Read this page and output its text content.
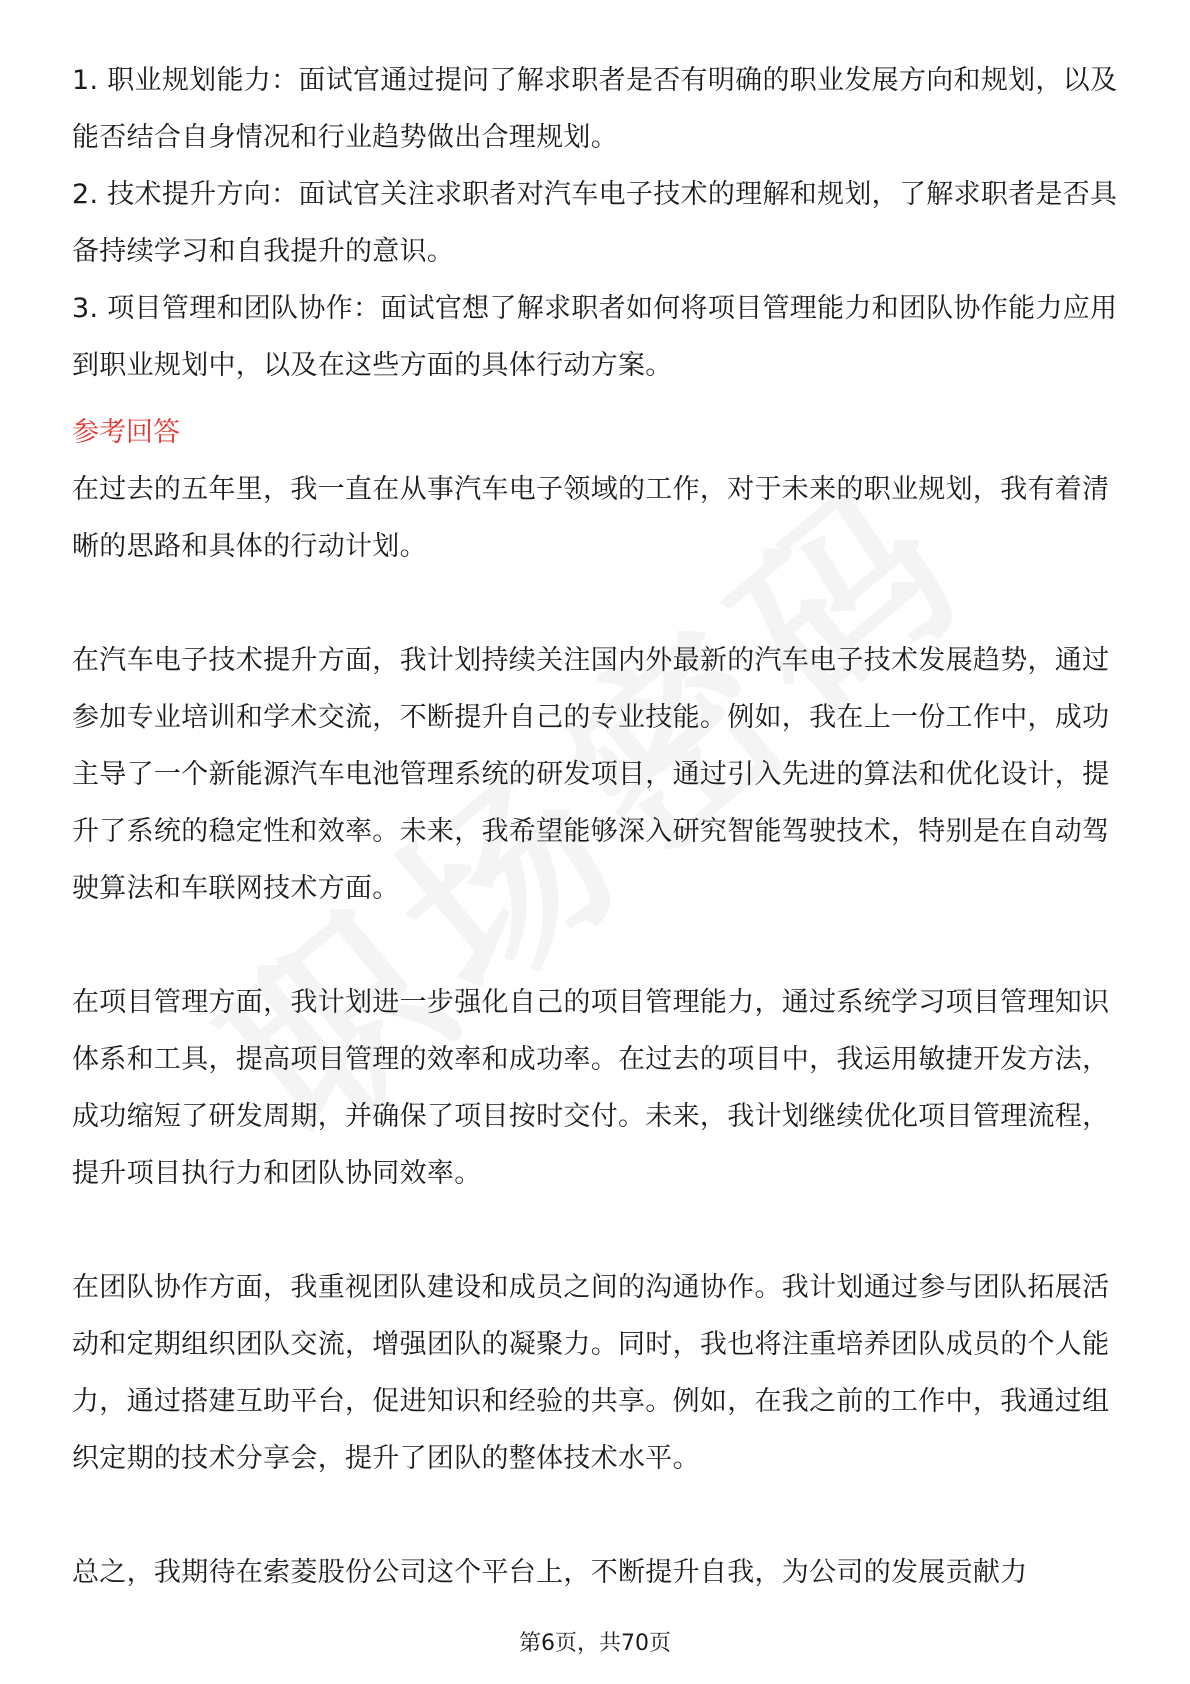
1. 职业规划能力：面试官通过提问了解求职者是否有明确的职业发展方向和规划，以及能否结合自身情况和行业趋势做出合理规划。

2. 技术提升方向：面试官关注求职者对汽车电子技术的理解和规划，了解求职者是否具备持续学习和自我提升的意识。

3. 项目管理和团队协作：面试官想了解求职者如何将项目管理能力和团队协作能力应用到职业规划中，以及在这些方面的具体行动方案。

参考回答

在过去的五年里，我一直在从事汽车电子领域的工作，对于未来的职业规划，我有着清晰的思路和具体的行动计划。

在汽车电子技术提升方面，我计划持续关注国内外最新的汽车电子技术发展趋势，通过参加专业培训和学术交流，不断提升自己的专业技能。例如，我在上一份工作中，成功主导了一个新能源汽车电池管理系统的研发项目，通过引入先进的算法和优化设计，提升了系统的稳定性和效率。未来，我希望能够深入研究智能驾驶技术，特别是在自动驾驶算法和车联网技术方面。

在项目管理方面，我计划进一步强化自己的项目管理能力，通过系统学习项目管理知识体系和工具，提高项目管理的效率和成功率。在过去的项目中，我运用敏捷开发方法，成功缩短了研发周期，并确保了项目按时交付。未来，我计划继续优化项目管理流程，提升项目执行力和团队协同效率。

在团队协作方面，我重视团队建设和成员之间的沟通协作。我计划通过参与团队拓展活动和定期组织团队交流，增强团队的凝聚力。同时，我也将注重培养团队成员的个人能力，通过搭建互助平台，促进知识和经验的共享。例如，在我之前的工作中，我通过组织定期的技术分享会，提升了团队的整体技术水平。

总之，我期待在索菱股份公司这个平台上，不断提升自我，为公司的发展贡献力

第6页，共70页
